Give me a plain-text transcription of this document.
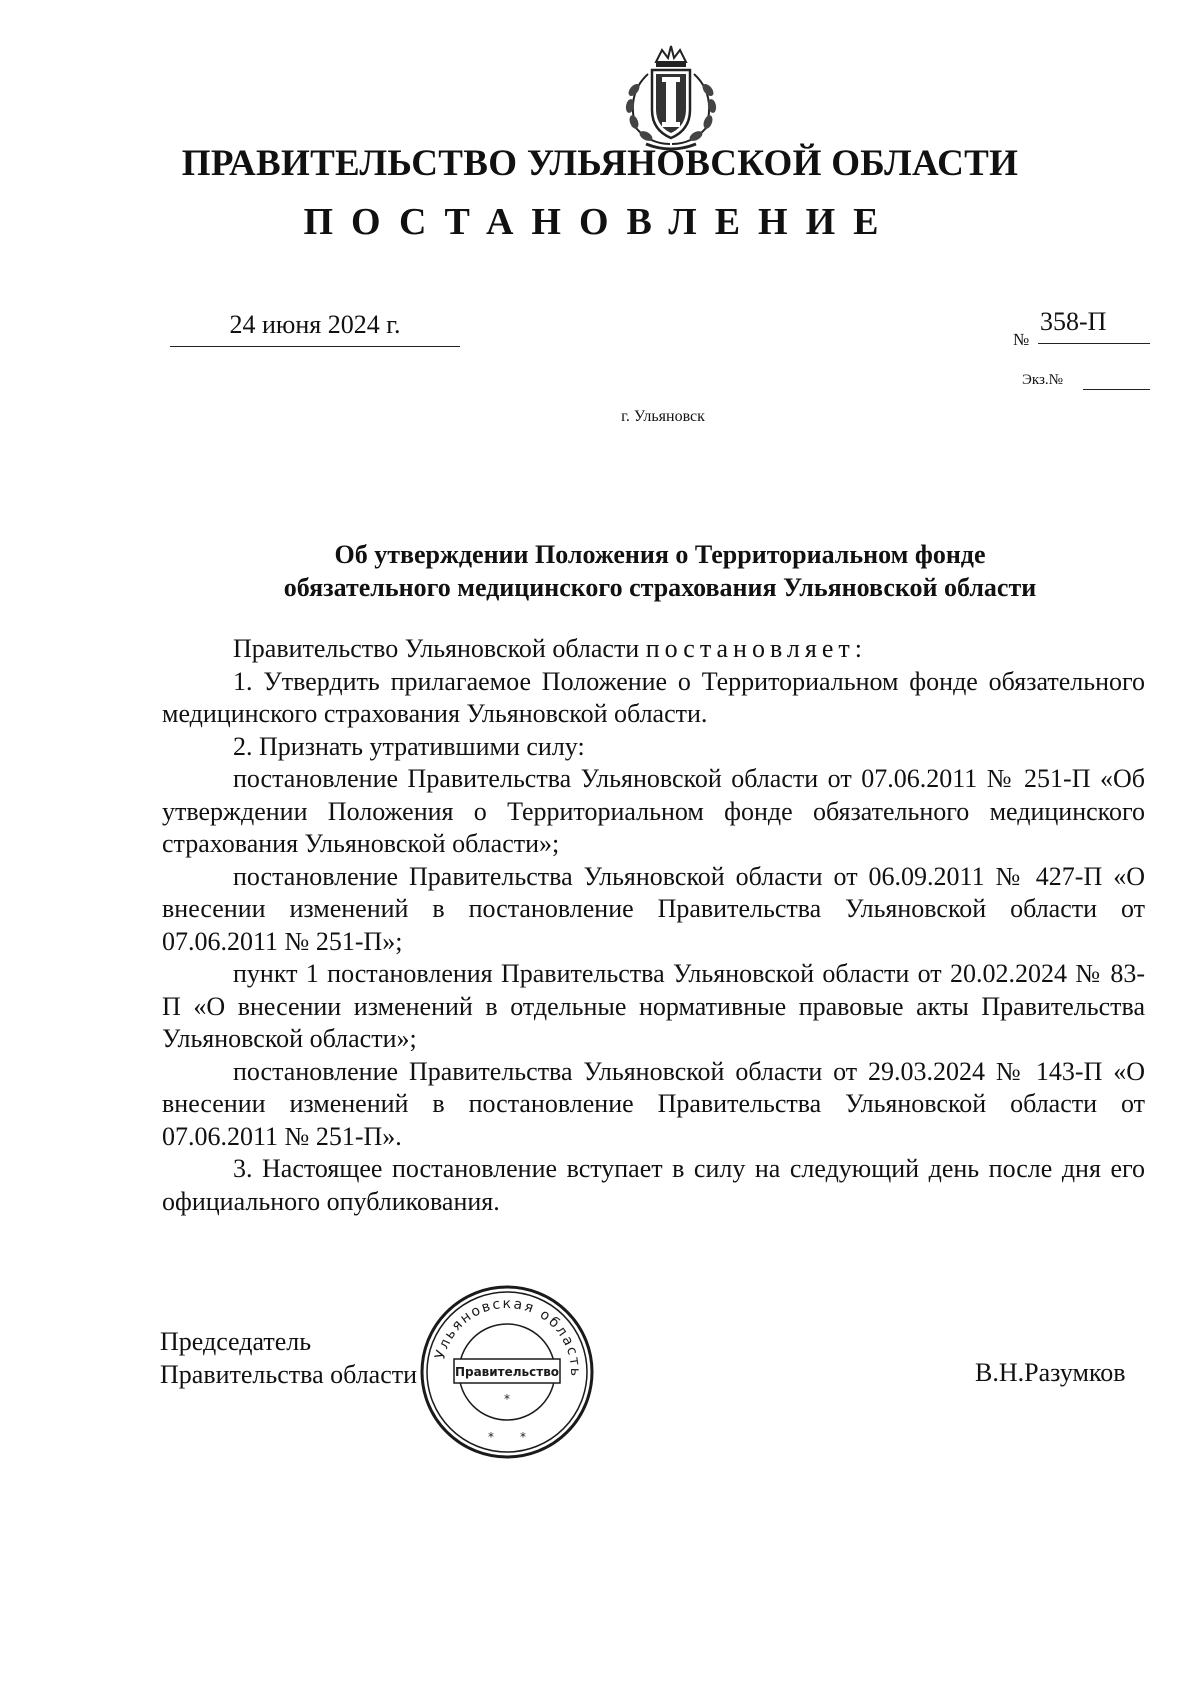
ПРАВИТЕЛЬСТВО УЛЬЯНОВСКОЙ ОБЛАСТИ
ПОСТАНОВЛЕНИЕ
24 июня 2024 г.
№
358-П
Экз.№
г. Ульяновск
Об утверждении Положения о Территориальном фонде
обязательного медицинского страхования Ульяновской области

Правительство Ульяновской области постановляет:

1. Утвердить прилагаемое Положение о Территориальном фонде обязательного медицинского страхования Ульяновской области.

2. Признать утратившими силу:

постановление Правительства Ульяновской области от 07.06.2011 № 251-П «Об утверждении Положения о Территориальном фонде обязательного медицинского страхования Ульяновской области»;

постановление Правительства Ульяновской области от 06.09.2011 № 427-П «О внесении изменений в постановление Правительства Ульяновской области от 07.06.2011 № 251-П»;

пункт 1 постановления Правительства Ульяновской области от 20.02.2024 № 83-П «О внесении изменений в отдельные нормативные правовые акты Правительства Ульяновской области»;

постановление Правительства Ульяновской области от 29.03.2024 № 143-П «О внесении изменений в постановление Правительства Ульяновской области от 07.06.2011 № 251-П».

3. Настоящее постановление вступает в силу на следующий день после дня его официального опубликования.

Председатель
Правительства области	В.Н.Разумков
Ульяновская область
Правительство
* *
*
